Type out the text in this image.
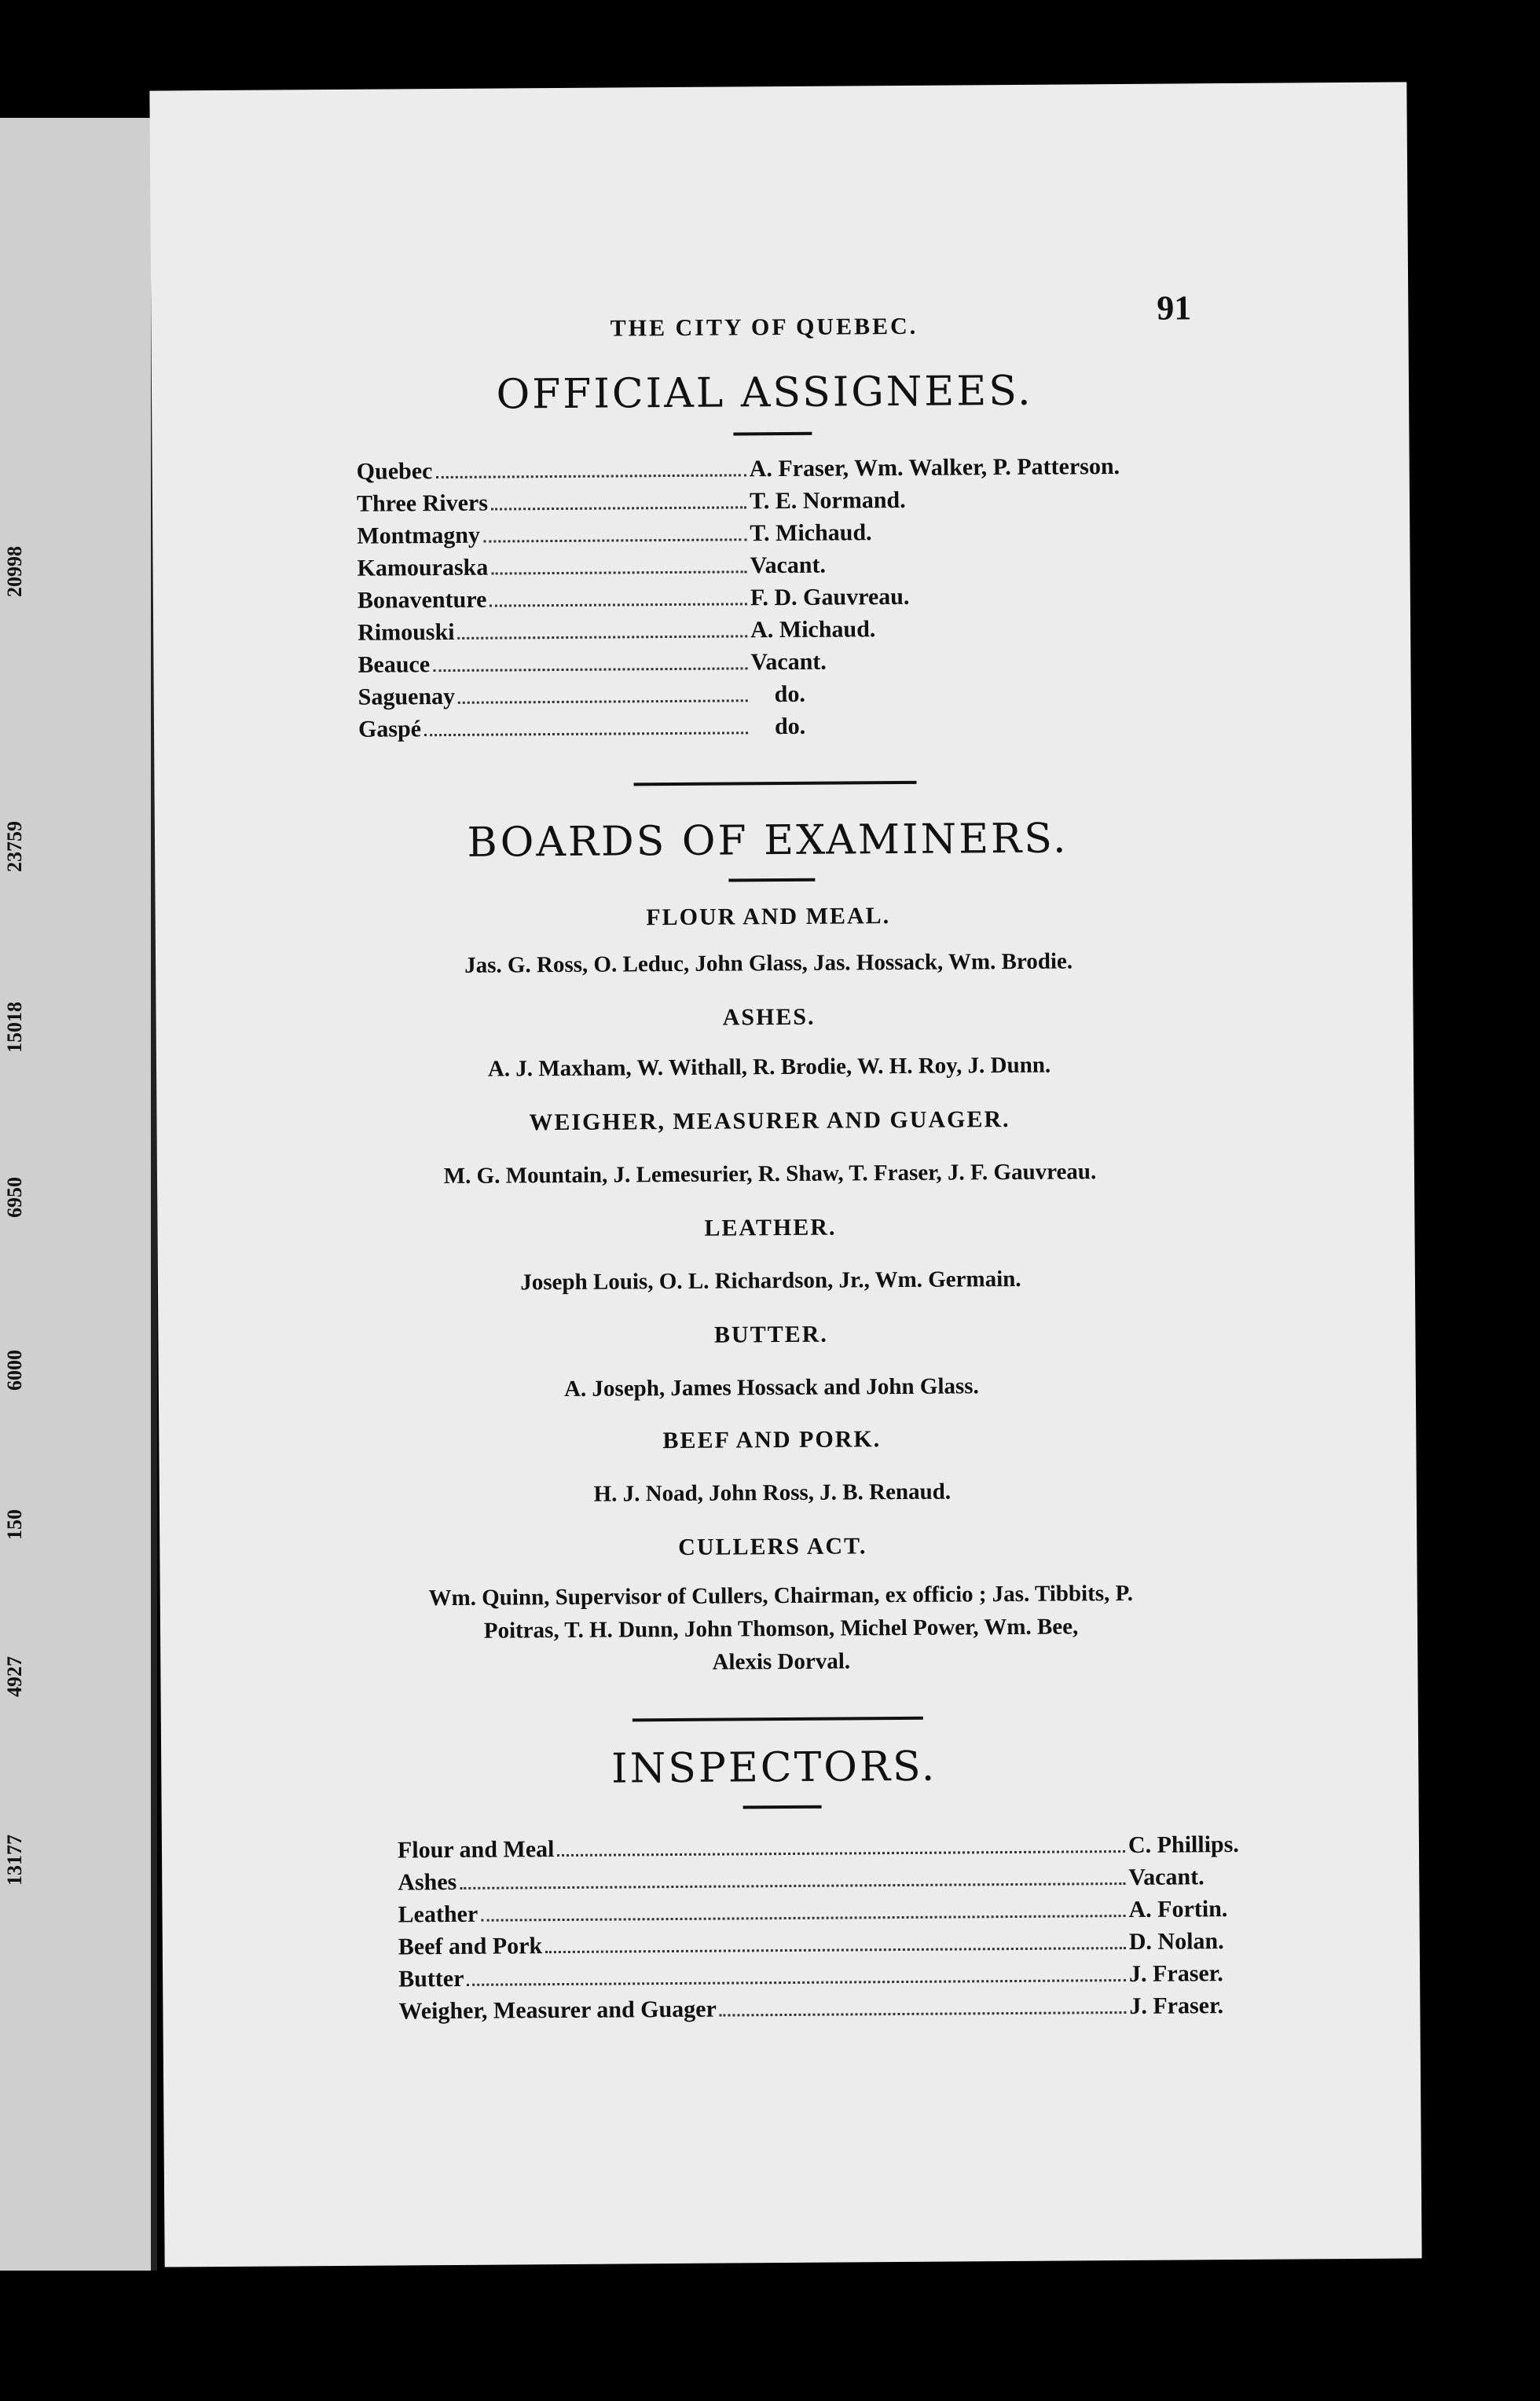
20998
23759
15018
6950
6000
150
4927
13177
THE CITY OF QUEBEC.	91
OFFICIAL ASSIGNEES.
Quebec	A. Fraser, Wm. Walker, P. Patterson.
Three Rivers	T. E. Normand.
Montmagny	T. Michaud.
Kamouraska	Vacant.
Bonaventure	F. D. Gauvreau.
Rimouski	A. Michaud.
Beauce	Vacant.
Saguenay	do.
Gaspé	do.
BOARDS OF EXAMINERS.
FLOUR AND MEAL.
Jas. G. Ross, O. Leduc, John Glass, Jas. Hossack, Wm. Brodie.
ASHES.
A. J. Maxham, W. Withall, R. Brodie, W. H. Roy, J. Dunn.
WEIGHER, MEASURER AND GUAGER.
M. G. Mountain, J. Lemesurier, R. Shaw, T. Fraser, J. F. Gauvreau.
LEATHER.
Joseph Louis, O. L. Richardson, Jr., Wm. Germain.
BUTTER.
A. Joseph, James Hossack and John Glass.
BEEF AND PORK.
H. J. Noad, John Ross, J. B. Renaud.
CULLERS ACT.
Wm. Quinn, Supervisor of Cullers, Chairman, ex officio ; Jas. Tibbits, P.
Poitras, T. H. Dunn, John Thomson, Michel Power, Wm. Bee,
Alexis Dorval.
INSPECTORS.
Flour and Meal	C. Phillips.
Ashes	Vacant.
Leather	A. Fortin.
Beef and Pork	D. Nolan.
Butter	J. Fraser.
Weigher, Measurer and Guager	J. Fraser.
